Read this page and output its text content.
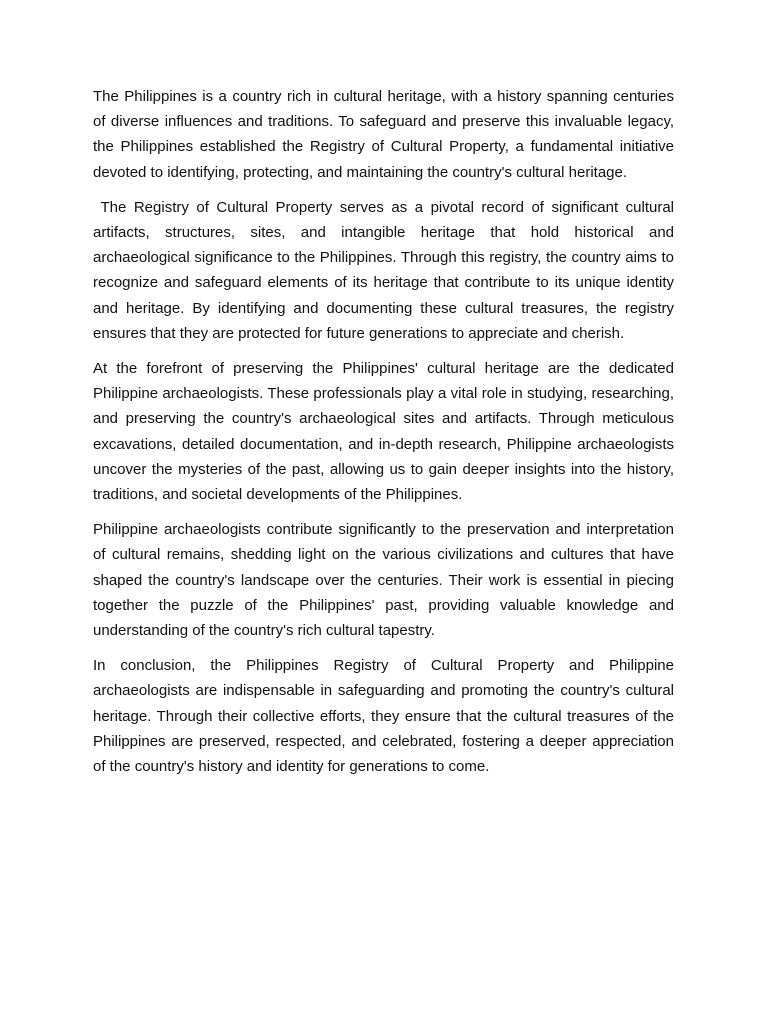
The Philippines is a country rich in cultural heritage, with a history spanning centuries of diverse influences and traditions. To safeguard and preserve this invaluable legacy, the Philippines established the Registry of Cultural Property, a fundamental initiative devoted to identifying, protecting, and maintaining the country's cultural heritage.

The Registry of Cultural Property serves as a pivotal record of significant cultural artifacts, structures, sites, and intangible heritage that hold historical and archaeological significance to the Philippines. Through this registry, the country aims to recognize and safeguard elements of its heritage that contribute to its unique identity and heritage. By identifying and documenting these cultural treasures, the registry ensures that they are protected for future generations to appreciate and cherish.

At the forefront of preserving the Philippines' cultural heritage are the dedicated Philippine archaeologists. These professionals play a vital role in studying, researching, and preserving the country's archaeological sites and artifacts. Through meticulous excavations, detailed documentation, and in-depth research, Philippine archaeologists uncover the mysteries of the past, allowing us to gain deeper insights into the history, traditions, and societal developments of the Philippines.

Philippine archaeologists contribute significantly to the preservation and interpretation of cultural remains, shedding light on the various civilizations and cultures that have shaped the country's landscape over the centuries. Their work is essential in piecing together the puzzle of the Philippines' past, providing valuable knowledge and understanding of the country's rich cultural tapestry.

In conclusion, the Philippines Registry of Cultural Property and Philippine archaeologists are indispensable in safeguarding and promoting the country's cultural heritage. Through their collective efforts, they ensure that the cultural treasures of the Philippines are preserved, respected, and celebrated, fostering a deeper appreciation of the country's history and identity for generations to come.
